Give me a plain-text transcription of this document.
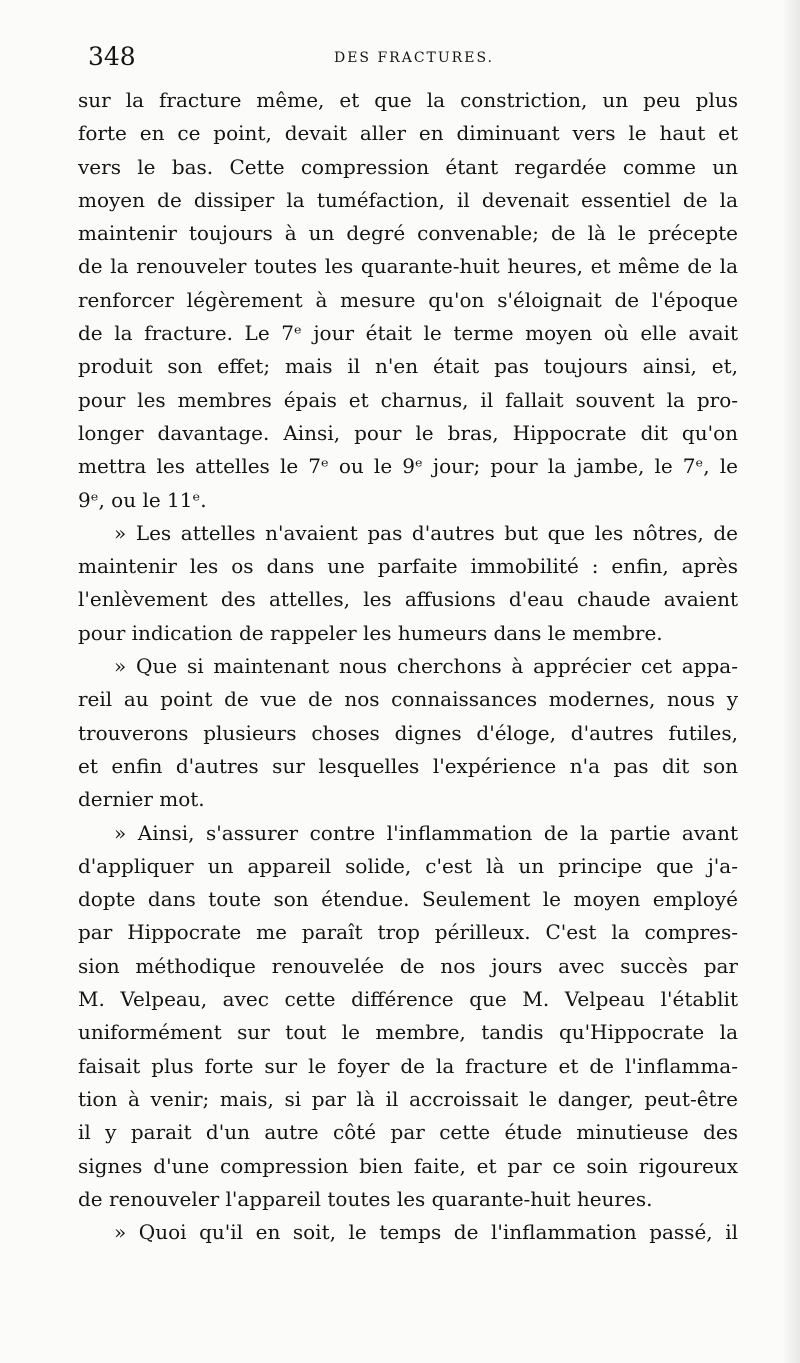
348	DES FRACTURES.
sur la fracture même, et que la constriction, un peu plus
forte en ce point, devait aller en diminuant vers le haut et
vers le bas. Cette compression étant regardée comme un
moyen de dissiper la tuméfaction, il devenait essentiel de la
maintenir toujours à un degré convenable; de là le précepte
de la renouveler toutes les quarante-huit heures, et même de la
renforcer légèrement à mesure qu'on s'éloignait de l'époque
de la fracture. Le 7ᵉ jour était le terme moyen où elle avait
produit son effet; mais il n'en était pas toujours ainsi, et,
pour les membres épais et charnus, il fallait souvent la pro-
longer davantage. Ainsi, pour le bras, Hippocrate dit qu'on
mettra les attelles le 7ᵉ ou le 9ᵉ jour; pour la jambe, le 7ᵉ, le
9ᵉ, ou le 11ᵉ.
» Les attelles n'avaient pas d'autres but que les nôtres, de
maintenir les os dans une parfaite immobilité : enfin, après
l'enlèvement des attelles, les affusions d'eau chaude avaient
pour indication de rappeler les humeurs dans le membre.
» Que si maintenant nous cherchons à apprécier cet appa-
reil au point de vue de nos connaissances modernes, nous y
trouverons plusieurs choses dignes d'éloge, d'autres futiles,
et enfin d'autres sur lesquelles l'expérience n'a pas dit son
dernier mot.
» Ainsi, s'assurer contre l'inflammation de la partie avant
d'appliquer un appareil solide, c'est là un principe que j'a-
dopte dans toute son étendue. Seulement le moyen employé
par Hippocrate me paraît trop périlleux. C'est la compres-
sion méthodique renouvelée de nos jours avec succès par
M. Velpeau, avec cette différence que M. Velpeau l'établit
uniformément sur tout le membre, tandis qu'Hippocrate la
faisait plus forte sur le foyer de la fracture et de l'inflamma-
tion à venir; mais, si par là il accroissait le danger, peut-être
il y parait d'un autre côté par cette étude minutieuse des
signes d'une compression bien faite, et par ce soin rigoureux
de renouveler l'appareil toutes les quarante-huit heures.
» Quoi qu'il en soit, le temps de l'inflammation passé, il
